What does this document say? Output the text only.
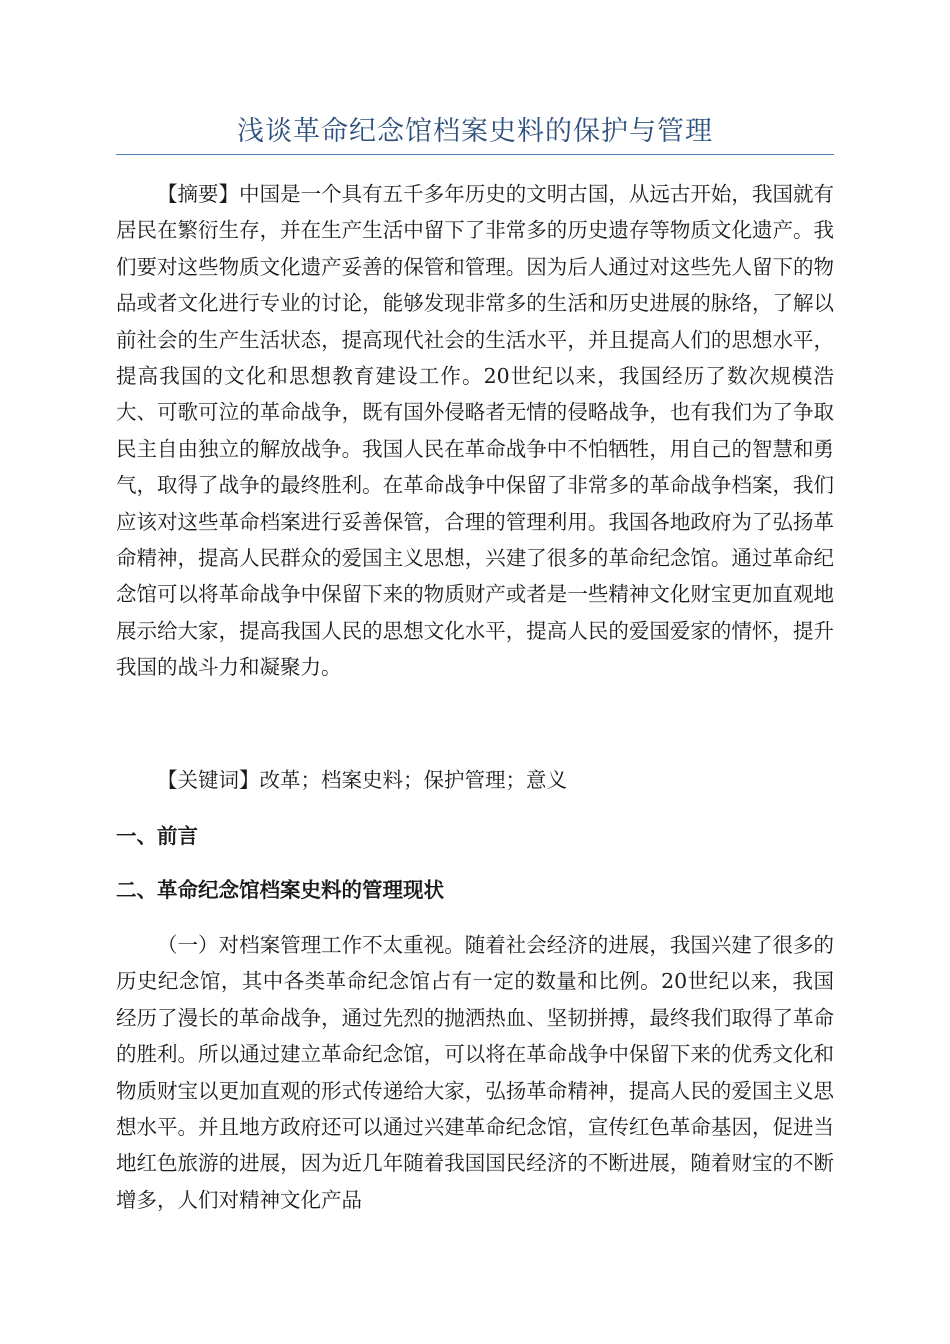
浅谈革命纪念馆档案史料的保护与管理

【摘要】中国是一个具有五千多年历史的文明古国，从远古开始，我国就有居民在繁衍生存，并在生产生活中留下了非常多的历史遗存等物质文化遗产。我们要对这些物质文化遗产妥善的保管和管理。因为后人通过对这些先人留下的物品或者文化进行专业的讨论，能够发现非常多的生活和历史进展的脉络，了解以前社会的生产生活状态，提高现代社会的生活水平，并且提高人们的思想水平，提高我国的文化和思想教育建设工作。20世纪以来，我国经历了数次规模浩大、可歌可泣的革命战争，既有国外侵略者无情的侵略战争，也有我们为了争取民主自由独立的解放战争。我国人民在革命战争中不怕牺牲，用自己的智慧和勇气，取得了战争的最终胜利。在革命战争中保留了非常多的革命战争档案，我们应该对这些革命档案进行妥善保管，合理的管理利用。我国各地政府为了弘扬革命精神，提高人民群众的爱国主义思想，兴建了很多的革命纪念馆。通过革命纪念馆可以将革命战争中保留下来的物质财产或者是一些精神文化财宝更加直观地展示给大家，提高我国人民的思想文化水平，提高人民的爱国爱家的情怀，提升我国的战斗力和凝聚力。

【关键词】改革；档案史料；保护管理；意义

一、前言
二、革命纪念馆档案史料的管理现状

（一）对档案管理工作不太重视。随着社会经济的进展，我国兴建了很多的历史纪念馆，其中各类革命纪念馆占有一定的数量和比例。20世纪以来，我国经历了漫长的革命战争，通过先烈的抛洒热血、坚韧拼搏，最终我们取得了革命的胜利。所以通过建立革命纪念馆，可以将在革命战争中保留下来的优秀文化和物质财宝以更加直观的形式传递给大家，弘扬革命精神，提高人民的爱国主义思想水平。并且地方政府还可以通过兴建革命纪念馆，宣传红色革命基因，促进当地红色旅游的进展，因为近几年随着我国国民经济的不断进展，随着财宝的不断增多，人们对精神文化产品
